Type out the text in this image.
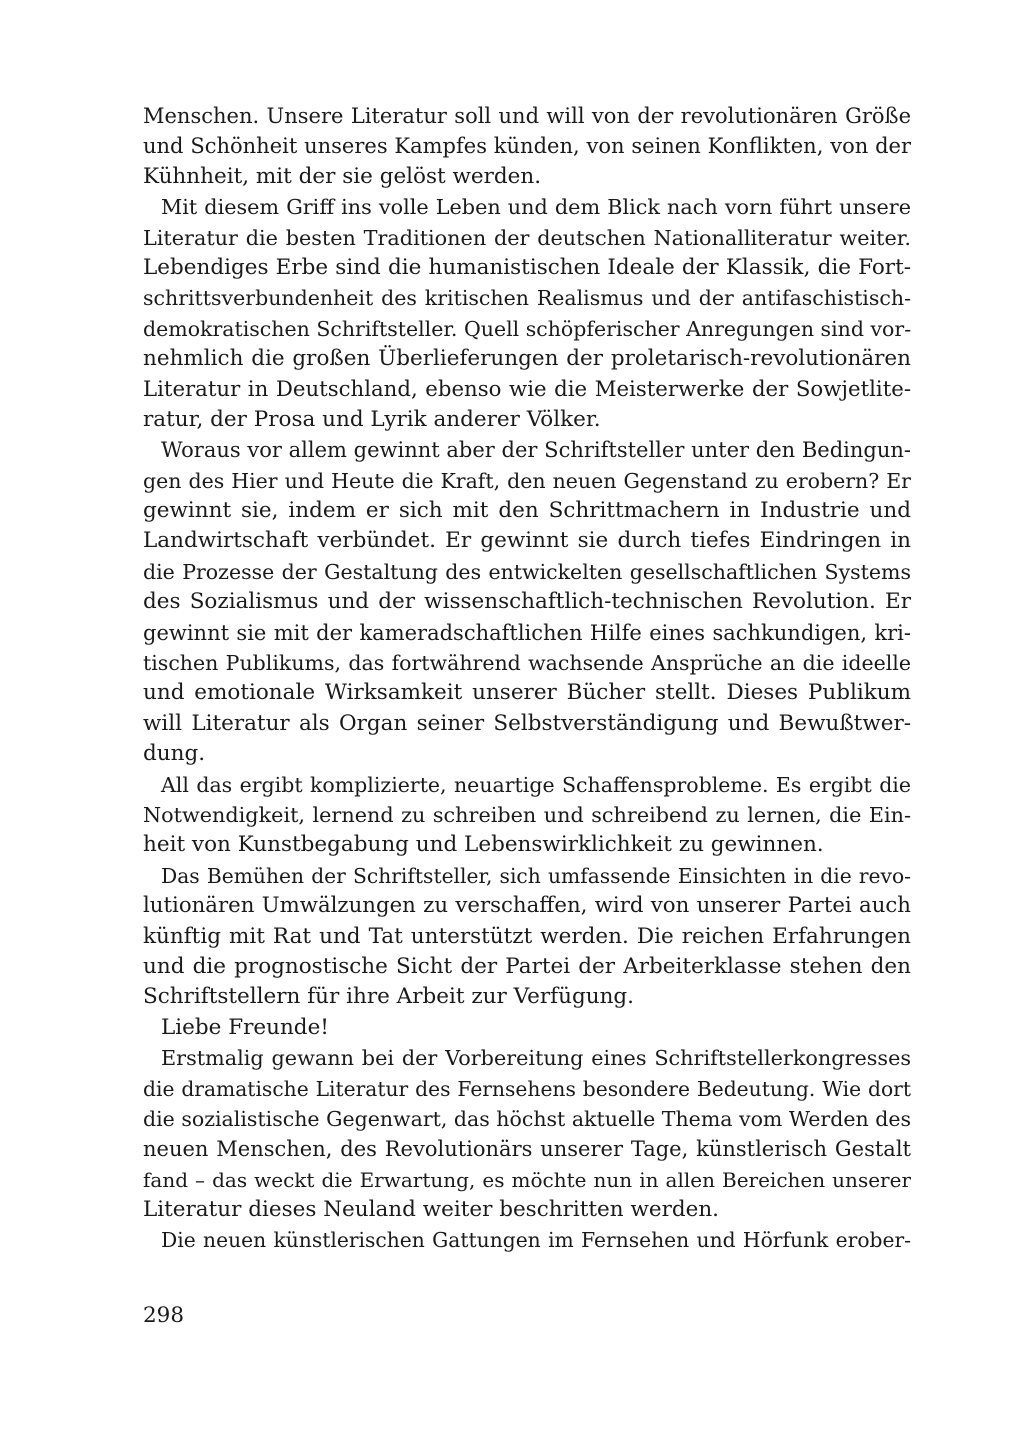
Menschen. Unsere Literatur soll und will von der revolutionären Größe
und Schönheit unseres Kampfes künden, von seinen Konflikten, von der
Kühnheit, mit der sie gelöst werden.
Mit diesem Griff ins volle Leben und dem Blick nach vorn führt unsere
Literatur die besten Traditionen der deutschen Nationalliteratur weiter.
Lebendiges Erbe sind die humanistischen Ideale der Klassik, die Fort-
schrittsverbundenheit des kritischen Realismus und der antifaschistisch-
demokratischen Schriftsteller. Quell schöpferischer Anregungen sind vor-
nehmlich die großen Überlieferungen der proletarisch-revolutionären
Literatur in Deutschland, ebenso wie die Meisterwerke der Sowjetlite-
ratur, der Prosa und Lyrik anderer Völker.
Woraus vor allem gewinnt aber der Schriftsteller unter den Bedingun-
gen des Hier und Heute die Kraft, den neuen Gegenstand zu erobern? Er
gewinnt sie, indem er sich mit den Schrittmachern in Industrie und
Landwirtschaft verbündet. Er gewinnt sie durch tiefes Eindringen in
die Prozesse der Gestaltung des entwickelten gesellschaftlichen Systems
des Sozialismus und der wissenschaftlich-technischen Revolution. Er
gewinnt sie mit der kameradschaftlichen Hilfe eines sachkundigen, kri-
tischen Publikums, das fortwährend wachsende Ansprüche an die ideelle
und emotionale Wirksamkeit unserer Bücher stellt. Dieses Publikum
will Literatur als Organ seiner Selbstverständigung und Bewußtwer-
dung.
All das ergibt komplizierte, neuartige Schaffensprobleme. Es ergibt die
Notwendigkeit, lernend zu schreiben und schreibend zu lernen, die Ein-
heit von Kunstbegabung und Lebenswirklichkeit zu gewinnen.
Das Bemühen der Schriftsteller, sich umfassende Einsichten in die revo-
lutionären Umwälzungen zu verschaffen, wird von unserer Partei auch
künftig mit Rat und Tat unterstützt werden. Die reichen Erfahrungen
und die prognostische Sicht der Partei der Arbeiterklasse stehen den
Schriftstellern für ihre Arbeit zur Verfügung.
Liebe Freunde!
Erstmalig gewann bei der Vorbereitung eines Schriftstellerkongresses
die dramatische Literatur des Fernsehens besondere Bedeutung. Wie dort
die sozialistische Gegenwart, das höchst aktuelle Thema vom Werden des
neuen Menschen, des Revolutionärs unserer Tage, künstlerisch Gestalt
fand – das weckt die Erwartung, es möchte nun in allen Bereichen unserer
Literatur dieses Neuland weiter beschritten werden.
Die neuen künstlerischen Gattungen im Fernsehen und Hörfunk erober-
298
